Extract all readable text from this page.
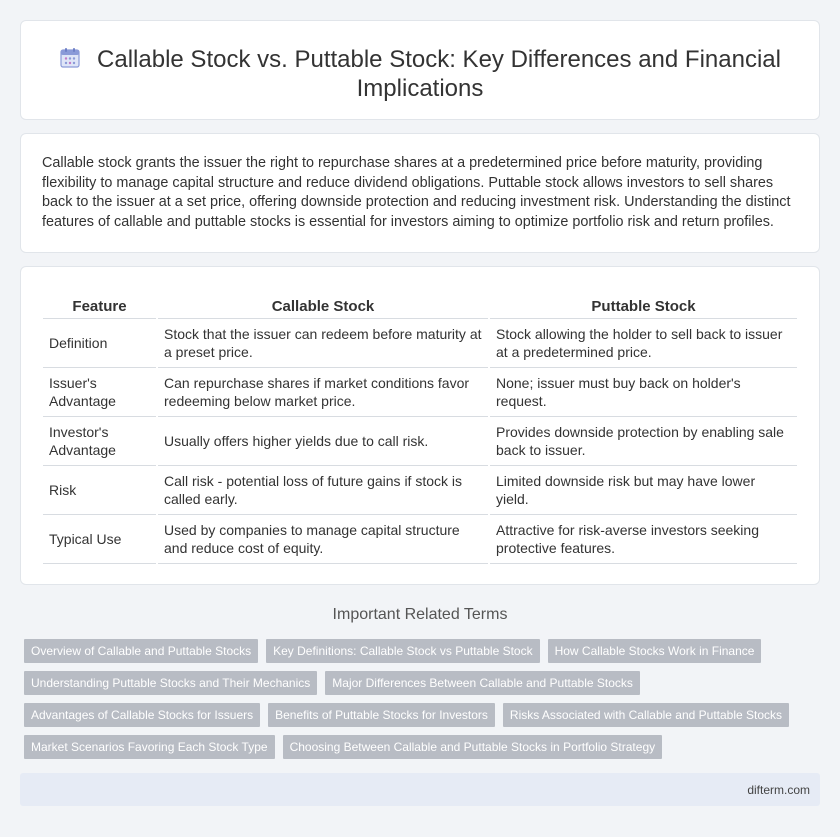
Callable Stock vs. Puttable Stock: Key Differences and Financial Implications

Callable stock grants the issuer the right to repurchase shares at a predetermined price before maturity, providing flexibility to manage capital structure and reduce dividend obligations. Puttable stock allows investors to sell shares back to the issuer at a set price, offering downside protection and reducing investment risk. Understanding the distinct features of callable and puttable stocks is essential for investors aiming to optimize portfolio risk and return profiles.

Feature	Callable Stock	Puttable Stock
Definition	Stock that the issuer can redeem before maturity at a preset price.	Stock allowing the holder to sell back to issuer at a predetermined price.
Issuer's Advantage	Can repurchase shares if market conditions favor redeeming below market price.	None; issuer must buy back on holder's request.
Investor's Advantage	Usually offers higher yields due to call risk.	Provides downside protection by enabling sale back to issuer.
Risk	Call risk - potential loss of future gains if stock is called early.	Limited downside risk but may have lower yield.
Typical Use	Used by companies to manage capital structure and reduce cost of equity.	Attractive for risk-averse investors seeking protective features.
Important Related Terms
Overview of Callable and Puttable Stocks	Key Definitions: Callable Stock vs Puttable Stock	How Callable Stocks Work in Finance
Understanding Puttable Stocks and Their Mechanics	Major Differences Between Callable and Puttable Stocks
Advantages of Callable Stocks for Issuers	Benefits of Puttable Stocks for Investors	Risks Associated with Callable and Puttable Stocks
Market Scenarios Favoring Each Stock Type	Choosing Between Callable and Puttable Stocks in Portfolio Strategy
difterm.com
